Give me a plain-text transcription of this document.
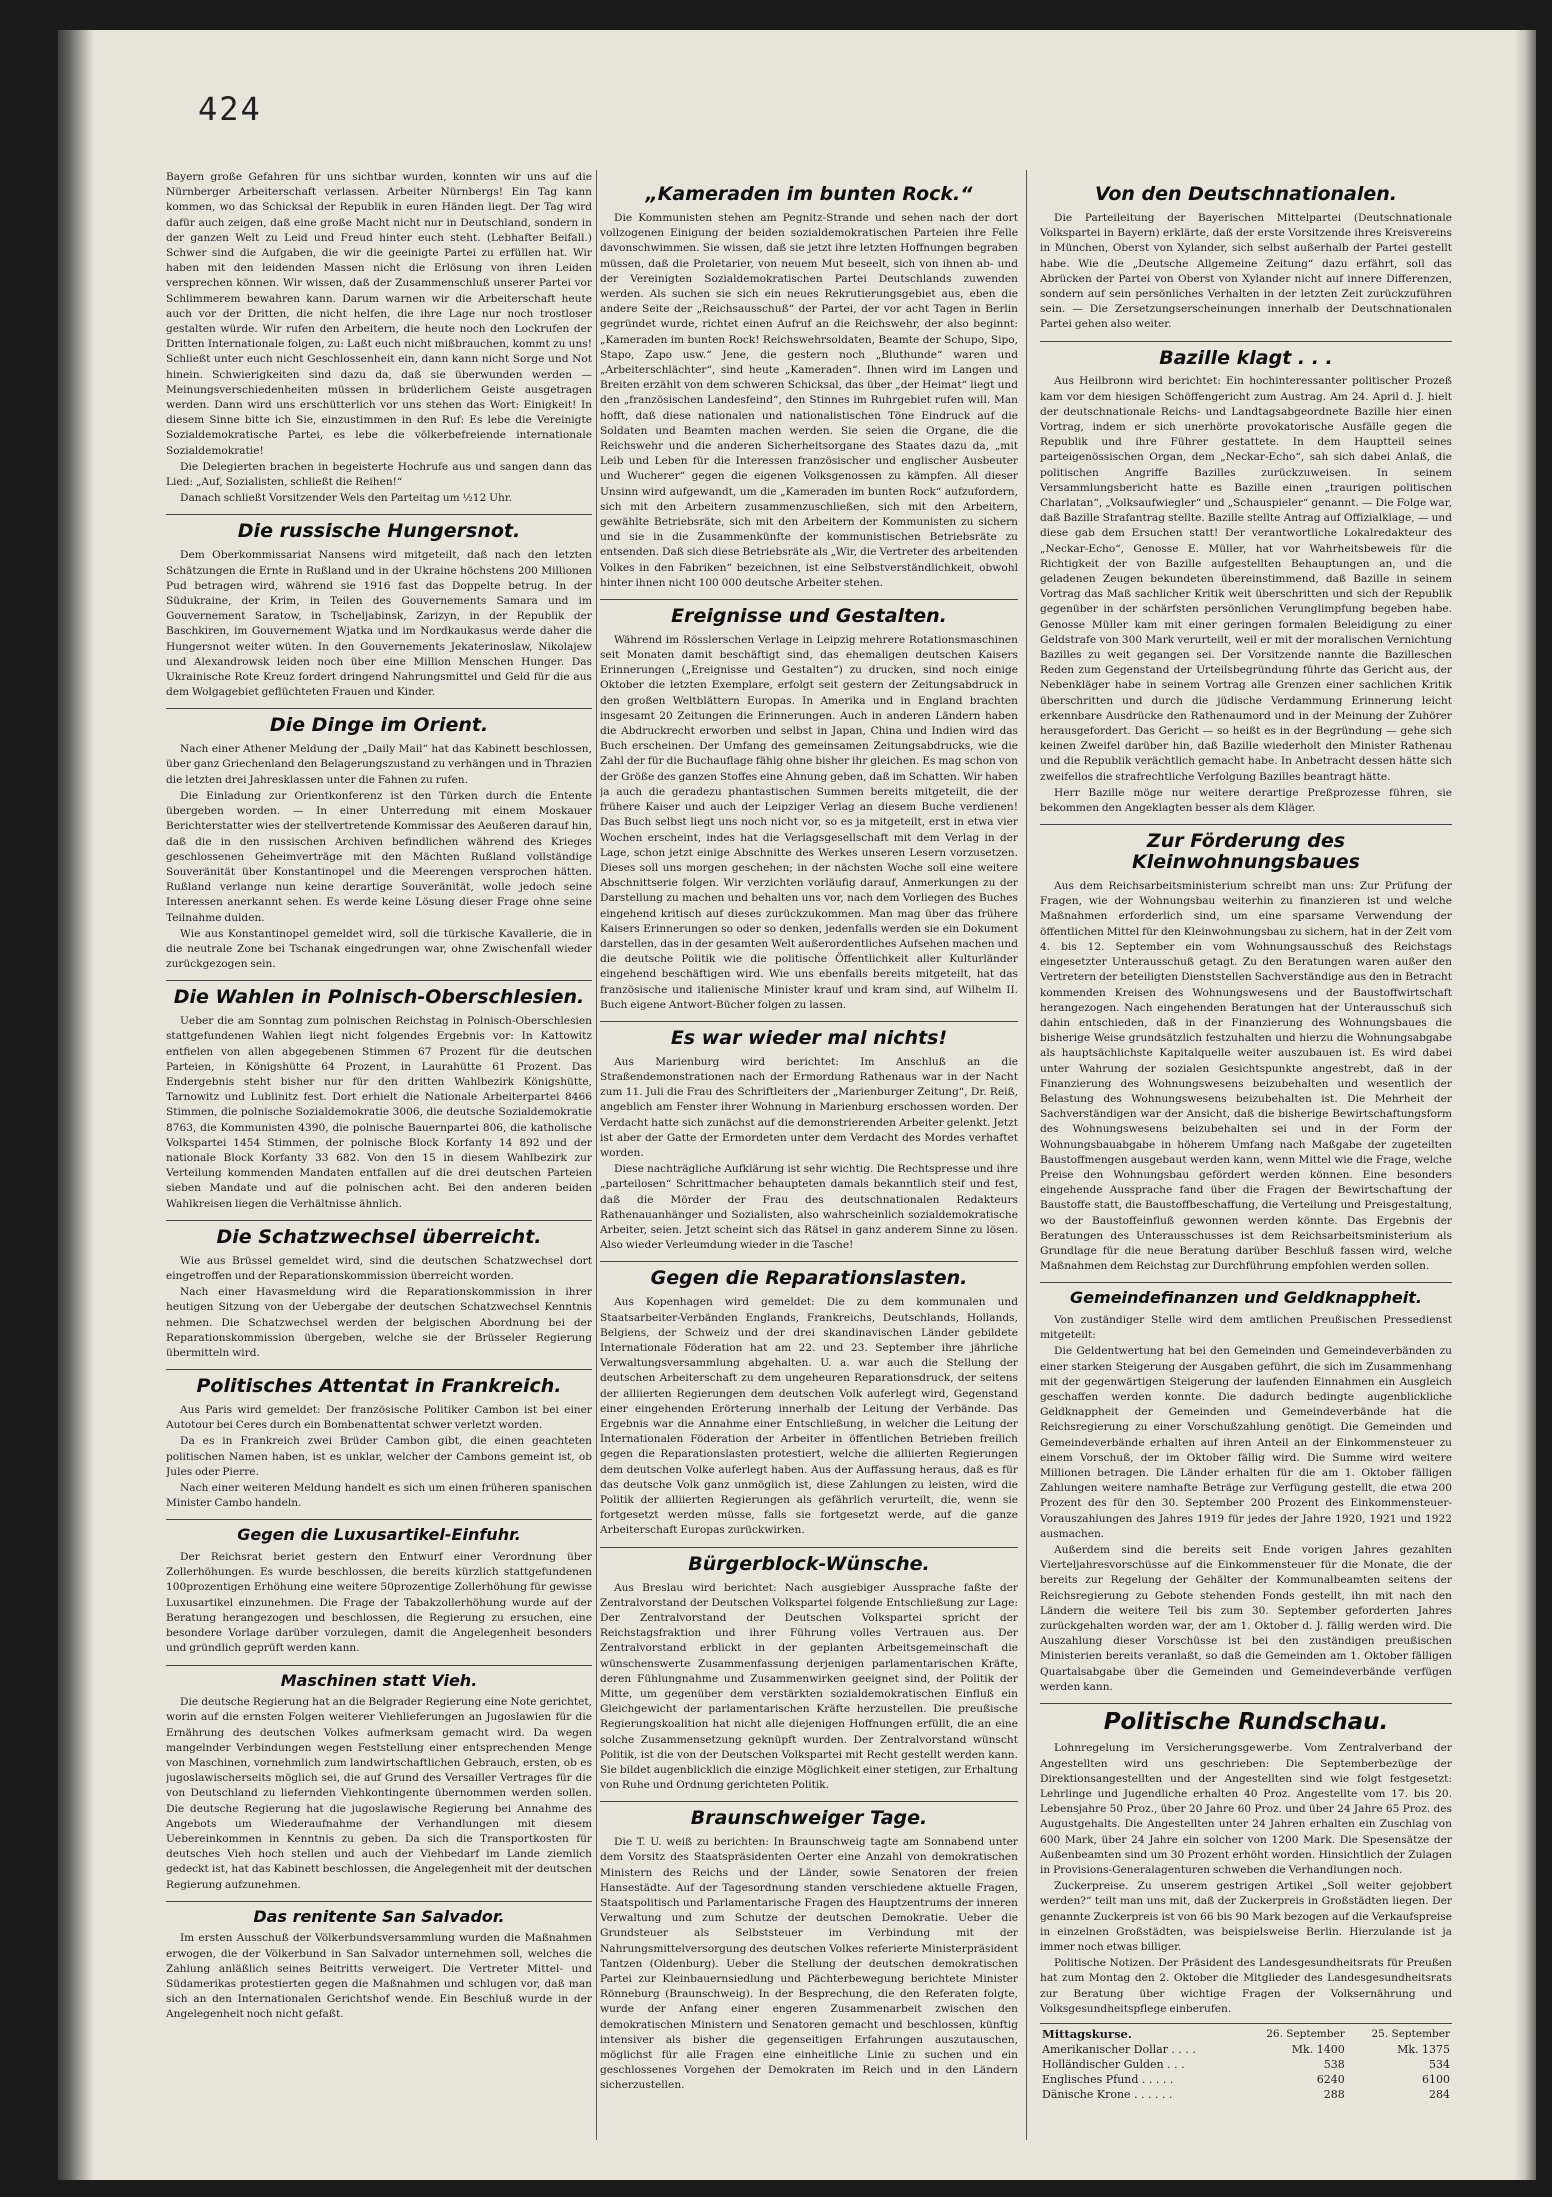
424

Bayern große Gefahren für uns sichtbar wurden, konnten wir uns auf die Nürnberger Arbeiterschaft verlassen. Arbeiter Nürnbergs! Ein Tag kann kommen, wo das Schicksal der Republik in euren Händen liegt. Der Tag wird dafür auch zeigen, daß eine große Macht nicht nur in Deutschland, sondern in der ganzen Welt zu Leid und Freud hinter euch steht. (Lebhafter Beifall.) Schwer sind die Aufgaben, die wir die geeinigte Partei zu erfüllen hat. Wir haben mit den leidenden Massen nicht die Erlösung von ihren Leiden versprechen können. Wir wissen, daß der Zusammenschluß unserer Partei vor Schlimmerem bewahren kann. Darum warnen wir die Arbeiterschaft heute auch vor der Dritten, die nicht helfen, die ihre Lage nur noch trostloser gestalten würde. Wir rufen den Arbeitern, die heute noch den Lockrufen der Dritten Internationale folgen, zu: Laßt euch nicht mißbrauchen, kommt zu uns! Schließt unter euch nicht Geschlossenheit ein, dann kann nicht Sorge und Not hinein. Schwierigkeiten sind dazu da, daß sie überwunden werden — Meinungsverschiedenheiten müssen in brüderlichem Geiste ausgetragen werden. Dann wird uns erschütterlich vor uns stehen das Wort: Einigkeit! In diesem Sinne bitte ich Sie, einzustimmen in den Ruf: Es lebe die Vereinigte Sozialdemokratische Partei, es lebe die völkerbefreiende internationale Sozialdemokratie!

Die Delegierten brachen in begeisterte Hochrufe aus und sangen dann das Lied: „Auf, Sozialisten, schließt die Reihen!“

Danach schließt Vorsitzender Wels den Parteitag um ½12 Uhr.

Die russische Hungersnot.

Dem Oberkommissariat Nansens wird mitgeteilt, daß nach den letzten Schätzungen die Ernte in Rußland und in der Ukraine höchstens 200 Millionen Pud betragen wird, während sie 1916 fast das Doppelte betrug. In der Südukraine, der Krim, in Teilen des Gouvernements Samara und im Gouvernement Saratow, in Tscheljabinsk, Zarizyn, in der Republik der Baschkiren, im Gouvernement Wjatka und im Nordkaukasus werde daher die Hungersnot weiter wüten. In den Gouvernements Jekaterinoslaw, Nikolajew und Alexandrowsk leiden noch über eine Million Menschen Hunger. Das Ukrainische Rote Kreuz fordert dringend Nahrungsmittel und Geld für die aus dem Wolgagebiet geflüchteten Frauen und Kinder.

Die Dinge im Orient.

Nach einer Athener Meldung der „Daily Mail“ hat das Kabinett beschlossen, über ganz Griechenland den Belagerungszustand zu verhängen und in Thrazien die letzten drei Jahresklassen unter die Fahnen zu rufen.

Die Einladung zur Orientkonferenz ist den Türken durch die Entente übergeben worden. — In einer Unterredung mit einem Moskauer Berichterstatter wies der stellvertretende Kommissar des Aeußeren darauf hin, daß die in den russischen Archiven befindlichen während des Krieges geschlossenen Geheimverträge mit den Mächten Rußland vollständige Souveränität über Konstantinopel und die Meerengen versprochen hätten. Rußland verlange nun keine derartige Souveränität, wolle jedoch seine Interessen anerkannt sehen. Es werde keine Lösung dieser Frage ohne seine Teilnahme dulden.

Wie aus Konstantinopel gemeldet wird, soll die türkische Kavallerie, die in die neutrale Zone bei Tschanak eingedrungen war, ohne Zwischenfall wieder zurückgezogen sein.

Die Wahlen in Polnisch-Oberschlesien.

Ueber die am Sonntag zum polnischen Reichstag in Polnisch-Oberschlesien stattgefundenen Wahlen liegt nicht folgendes Ergebnis vor: In Kattowitz entfielen von allen abgegebenen Stimmen 67 Prozent für die deutschen Parteien, in Königshütte 64 Prozent, in Laurahütte 61 Prozent. Das Endergebnis steht bisher nur für den dritten Wahlbezirk Königshütte, Tarnowitz und Lublinitz fest. Dort erhielt die Nationale Arbeiterpartei 8466 Stimmen, die polnische Sozialdemokratie 3006, die deutsche Sozialdemokratie 8763, die Kommunisten 4390, die polnische Bauernpartei 806, die katholische Volkspartei 1454 Stimmen, der polnische Block Korfanty 14 892 und der nationale Block Korfanty 33 682. Von den 15 in diesem Wahlbezirk zur Verteilung kommenden Mandaten entfallen auf die drei deutschen Parteien sieben Mandate und auf die polnischen acht. Bei den anderen beiden Wahlkreisen liegen die Verhältnisse ähnlich.

Die Schatzwechsel überreicht.

Wie aus Brüssel gemeldet wird, sind die deutschen Schatzwechsel dort eingetroffen und der Reparationskommission überreicht worden.

Nach einer Havasmeldung wird die Reparationskommission in ihrer heutigen Sitzung von der Uebergabe der deutschen Schatzwechsel Kenntnis nehmen. Die Schatzwechsel werden der belgischen Abordnung bei der Reparationskommission übergeben, welche sie der Brüsseler Regierung übermitteln wird.

Politisches Attentat in Frankreich.

Aus Paris wird gemeldet: Der französische Politiker Cambon ist bei einer Autotour bei Ceres durch ein Bombenattentat schwer verletzt worden.

Da es in Frankreich zwei Brüder Cambon gibt, die einen geachteten politischen Namen haben, ist es unklar, welcher der Cambons gemeint ist, ob Jules oder Pierre.

Nach einer weiteren Meldung handelt es sich um einen früheren spanischen Minister Cambo handeln.

Gegen die Luxusartikel-Einfuhr.

Der Reichsrat beriet gestern den Entwurf einer Verordnung über Zollerhöhungen. Es wurde beschlossen, die bereits kürzlich stattgefundenen 100prozentigen Erhöhung eine weitere 50prozentige Zollerhöhung für gewisse Luxusartikel einzunehmen. Die Frage der Tabakzollerhöhung wurde auf der Beratung herangezogen und beschlossen, die Regierung zu ersuchen, eine besondere Vorlage darüber vorzulegen, damit die Angelegenheit besonders und gründlich geprüft werden kann.

Maschinen statt Vieh.

Die deutsche Regierung hat an die Belgrader Regierung eine Note gerichtet, worin auf die ernsten Folgen weiterer Viehlieferungen an Jugoslawien für die Ernährung des deutschen Volkes aufmerksam gemacht wird. Da wegen mangelnder Verbindungen wegen Feststellung einer entsprechenden Menge von Maschinen, vornehmlich zum landwirtschaftlichen Gebrauch, ersten, ob es jugoslawischerseits möglich sei, die auf Grund des Versailler Vertrages für die von Deutschland zu liefernden Viehkontingente übernommen werden sollen. Die deutsche Regierung hat die jugoslawische Regierung bei Annahme des Angebots um Wiederaufnahme der Verhandlungen mit diesem Uebereinkommen in Kenntnis zu geben. Da sich die Transportkosten für deutsches Vieh hoch stellen und auch der Viehbedarf im Lande ziemlich gedeckt ist, hat das Kabinett beschlossen, die Angelegenheit mit der deutschen Regierung aufzunehmen.

Das renitente San Salvador.

Im ersten Ausschuß der Völkerbundsversammlung wurden die Maßnahmen erwogen, die der Völkerbund in San Salvador unternehmen soll, welches die Zahlung anläßlich seines Beitritts verweigert. Die Vertreter Mittel- und Südamerikas protestierten gegen die Maßnahmen und schlugen vor, daß man sich an den Internationalen Gerichtshof wende. Ein Beschluß wurde in der Angelegenheit noch nicht gefaßt.

„Kameraden im bunten Rock.“

Die Kommunisten stehen am Pegnitz-Strande und sehen nach der dort vollzogenen Einigung der beiden sozialdemokratischen Parteien ihre Felle davonschwimmen. Sie wissen, daß sie jetzt ihre letzten Hoffnungen begraben müssen, daß die Proletarier, von neuem Mut beseelt, sich von ihnen ab- und der Vereinigten Sozialdemokratischen Partei Deutschlands zuwenden werden. Als suchen sie sich ein neues Rekrutierungsgebiet aus, eben die andere Seite der „Reichsausschuß“ der Partei, der vor acht Tagen in Berlin gegründet wurde, richtet einen Aufruf an die Reichswehr, der also beginnt: „Kameraden im bunten Rock! Reichswehrsoldaten, Beamte der Schupo, Sipo, Stapo, Zapo usw.“ Jene, die gestern noch „Bluthunde“ waren und „Arbeiterschlächter“, sind heute „Kameraden“. Ihnen wird im Langen und Breiten erzählt von dem schweren Schicksal, das über „der Heimat“ liegt und den „französischen Landesfeind“, den Stinnes im Ruhrgebiet rufen will. Man hofft, daß diese nationalen und nationalistischen Töne Eindruck auf die Soldaten und Beamten machen werden. Sie seien die Organe, die die Reichswehr und die anderen Sicherheitsorgane des Staates dazu da, „mit Leib und Leben für die Interessen französischer und englischer Ausbeuter und Wucherer“ gegen die eigenen Volksgenossen zu kämpfen. All dieser Unsinn wird aufgewandt, um die „Kameraden im bunten Rock“ aufzufordern, sich mit den Arbeitern zusammenzuschließen, sich mit den Arbeitern, gewählte Betriebsräte, sich mit den Arbeitern der Kommunisten zu sichern und sie in die Zusammenkünfte der kommunistischen Betriebsräte zu entsenden. Daß sich diese Betriebsräte als „Wir, die Vertreter des arbeitenden Volkes in den Fabriken“ bezeichnen, ist eine Selbstverständlichkeit, obwohl hinter ihnen nicht 100 000 deutsche Arbeiter stehen.

Ereignisse und Gestalten.

Während im Rösslerschen Verlage in Leipzig mehrere Rotationsmaschinen seit Monaten damit beschäftigt sind, das ehemaligen deutschen Kaisers Erinnerungen („Ereignisse und Gestalten“) zu drucken, sind noch einige Oktober die letzten Exemplare, erfolgt seit gestern der Zeitungsabdruck in den großen Weltblättern Europas. In Amerika und in England brachten insgesamt 20 Zeitungen die Erinnerungen. Auch in anderen Ländern haben die Abdruckrecht erworben und selbst in Japan, China und Indien wird das Buch erscheinen. Der Umfang des gemeinsamen Zeitungsabdrucks, wie die Zahl der für die Buchauflage fähig ohne bisher ihr gleichen. Es mag schon von der Größe des ganzen Stoffes eine Ahnung geben, daß im Schatten. Wir haben ja auch die geradezu phantastischen Summen bereits mitgeteilt, die der frühere Kaiser und auch der Leipziger Verlag an diesem Buche verdienen! Das Buch selbst liegt uns noch nicht vor, so es ja mitgeteilt, erst in etwa vier Wochen erscheint, indes hat die Verlagsgesellschaft mit dem Verlag in der Lage, schon jetzt einige Abschnitte des Werkes unseren Lesern vorzusetzen. Dieses soll uns morgen geschehen; in der nächsten Woche soll eine weitere Abschnittserie folgen. Wir verzichten vorläufig darauf, Anmerkungen zu der Darstellung zu machen und behalten uns vor, nach dem Vorliegen des Buches eingehend kritisch auf dieses zurückzukommen. Man mag über das frühere Kaisers Erinnerungen so oder so denken, jedenfalls werden sie ein Dokument darstellen, das in der gesamten Welt außerordentliches Aufsehen machen und die deutsche Politik wie die politische Öffentlichkeit aller Kulturländer eingehend beschäftigen wird. Wie uns ebenfalls bereits mitgeteilt, hat das französische und italienische Minister krauf und kram sind, auf Wilhelm II. Buch eigene Antwort-Bücher folgen zu lassen.

Es war wieder mal nichts!

Aus Marienburg wird berichtet: Im Anschluß an die Straßendemonstrationen nach der Ermordung Rathenaus war in der Nacht zum 11. Juli die Frau des Schriftleiters der „Marienburger Zeitung“, Dr. Reiß, angeblich am Fenster ihrer Wohnung in Marienburg erschossen worden. Der Verdacht hatte sich zunächst auf die demonstrierenden Arbeiter gelenkt. Jetzt ist aber der Gatte der Ermordeten unter dem Verdacht des Mordes verhaftet worden.

Diese nachträgliche Aufklärung ist sehr wichtig. Die Rechtspresse und ihre „parteilosen“ Schrittmacher behaupteten damals bekanntlich steif und fest, daß die Mörder der Frau des deutschnationalen Redakteurs Rathenauanhänger und Sozialisten, also wahrscheinlich sozialdemokratische Arbeiter, seien. Jetzt scheint sich das Rätsel in ganz anderem Sinne zu lösen. Also wieder Verleumdung wieder in die Tasche!

Gegen die Reparationslasten.

Aus Kopenhagen wird gemeldet: Die zu dem kommunalen und Staatsarbeiter-Verbänden Englands, Frankreichs, Deutschlands, Hollands, Belgiens, der Schweiz und der drei skandinavischen Länder gebildete Internationale Föderation hat am 22. und 23. September ihre jährliche Verwaltungsversammlung abgehalten. U. a. war auch die Stellung der deutschen Arbeiterschaft zu dem ungeheuren Reparationsdruck, der seitens der alliierten Regierungen dem deutschen Volk auferlegt wird, Gegenstand einer eingehenden Erörterung innerhalb der Leitung der Verbände. Das Ergebnis war die Annahme einer Entschließung, in welcher die Leitung der Internationalen Föderation der Arbeiter in öffentlichen Betrieben freilich gegen die Reparationslasten protestiert, welche die alliierten Regierungen dem deutschen Volke auferlegt haben. Aus der Auffassung heraus, daß es für das deutsche Volk ganz unmöglich ist, diese Zahlungen zu leisten, wird die Politik der alliierten Regierungen als gefährlich verurteilt, die, wenn sie fortgesetzt werden müsse, falls sie fortgesetzt werde, auf die ganze Arbeiterschaft Europas zurückwirken.

Bürgerblock-Wünsche.

Aus Breslau wird berichtet: Nach ausgiebiger Aussprache faßte der Zentralvorstand der Deutschen Volkspartei folgende Entschließung zur Lage: Der Zentralvorstand der Deutschen Volkspartei spricht der Reichstagsfraktion und ihrer Führung volles Vertrauen aus. Der Zentralvorstand erblickt in der geplanten Arbeitsgemeinschaft die wünschenswerte Zusammenfassung derjenigen parlamentarischen Kräfte, deren Fühlungnahme und Zusammenwirken geeignet sind, der Politik der Mitte, um gegenüber dem verstärkten sozialdemokratischen Einfluß ein Gleichgewicht der parlamentarischen Kräfte herzustellen. Die preußische Regierungskoalition hat nicht alle diejenigen Hoffnungen erfüllt, die an eine solche Zusammensetzung geknüpft wurden. Der Zentralvorstand wünscht Politik, ist die von der Deutschen Volkspartei mit Recht gestellt werden kann. Sie bildet augenblicklich die einzige Möglichkeit einer stetigen, zur Erhaltung von Ruhe und Ordnung gerichteten Politik.

Braunschweiger Tage.

Die T. U. weiß zu berichten: In Braunschweig tagte am Sonnabend unter dem Vorsitz des Staatspräsidenten Oerter eine Anzahl von demokratischen Ministern des Reichs und der Länder, sowie Senatoren der freien Hansestädte. Auf der Tagesordnung standen verschiedene aktuelle Fragen, Staatspolitisch und Parlamentarische Fragen des Hauptzentrums der inneren Verwaltung und zum Schutze der deutschen Demokratie. Ueber die Grundsteuer als Selbststeuer im Verbindung mit der Nahrungsmittelversorgung des deutschen Volkes referierte Ministerpräsident Tantzen (Oldenburg). Ueber die Stellung der deutschen demokratischen Partei zur Kleinbauernsiedlung und Pächterbewegung berichtete Minister Rönneburg (Braunschweig). In der Besprechung, die den Referaten folgte, wurde der Anfang einer engeren Zusammenarbeit zwischen den demokratischen Ministern und Senatoren gemacht und beschlossen, künftig intensiver als bisher die gegenseitigen Erfahrungen auszutauschen, möglichst für alle Fragen eine einheitliche Linie zu suchen und ein geschlossenes Vorgehen der Demokraten im Reich und in den Ländern sicherzustellen.

Von den Deutschnationalen.

Die Parteileitung der Bayerischen Mittelpartei (Deutschnationale Volkspartei in Bayern) erklärte, daß der erste Vorsitzende ihres Kreisvereins in München, Oberst von Xylander, sich selbst außerhalb der Partei gestellt habe. Wie die „Deutsche Allgemeine Zeitung“ dazu erfährt, soll das Abrücken der Partei von Oberst von Xylander nicht auf innere Differenzen, sondern auf sein persönliches Verhalten in der letzten Zeit zurückzuführen sein. — Die Zersetzungserscheinungen innerhalb der Deutschnationalen Partei gehen also weiter.

Bazille klagt . . .

Aus Heilbronn wird berichtet: Ein hochinteressanter politischer Prozeß kam vor dem hiesigen Schöffengericht zum Austrag. Am 24. April d. J. hielt der deutschnationale Reichs- und Landtagsabgeordnete Bazille hier einen Vortrag, indem er sich unerhörte provokatorische Ausfälle gegen die Republik und ihre Führer gestattete. In dem Hauptteil seines parteigenössischen Organ, dem „Neckar-Echo“, sah sich dabei Anlaß, die politischen Angriffe Bazilles zurückzuweisen. In seinem Versammlungsbericht hatte es Bazille einen „traurigen politischen Charlatan“, „Volksaufwiegler“ und „Schauspieler“ genannt. — Die Folge war, daß Bazille Strafantrag stellte. Bazille stellte Antrag auf Offizialklage, — und diese gab dem Ersuchen statt! Der verantwortliche Lokalredakteur des „Neckar-Echo“, Genosse E. Müller, hat vor Wahrheitsbeweis für die Richtigkeit der von Bazille aufgestellten Behauptungen an, und die geladenen Zeugen bekundeten übereinstimmend, daß Bazille in seinem Vortrag das Maß sachlicher Kritik weit überschritten und sich der Republik gegenüber in der schärfsten persönlichen Verunglimpfung begeben habe. Genosse Müller kam mit einer geringen formalen Beleidigung zu einer Geldstrafe von 300 Mark verurteilt, weil er mit der moralischen Vernichtung Bazilles zu weit gegangen sei. Der Vorsitzende nannte die Bazilleschen Reden zum Gegenstand der Urteilsbegründung führte das Gericht aus, der Nebenkläger habe in seinem Vortrag alle Grenzen einer sachlichen Kritik überschritten und durch die jüdische Verdammung Erinnerung leicht erkennbare Ausdrücke den Rathenaumord und in der Meinung der Zuhörer herausgefordert. Das Gericht — so heißt es in der Begründung — gehe sich keinen Zweifel darüber hin, daß Bazille wiederholt den Minister Rathenau und die Republik verächtlich gemacht habe. In Anbetracht dessen hätte sich zweifellos die strafrechtliche Verfolgung Bazilles beantragt hätte.

Herr Bazille möge nur weitere derartige Preßprozesse führen, sie bekommen den Angeklagten besser als dem Kläger.

Zur Förderung des Kleinwohnungsbaues

Aus dem Reichsarbeitsministerium schreibt man uns: Zur Prüfung der Fragen, wie der Wohnungsbau weiterhin zu finanzieren ist und welche Maßnahmen erforderlich sind, um eine sparsame Verwendung der öffentlichen Mittel für den Kleinwohnungsbau zu sichern, hat in der Zeit vom 4. bis 12. September ein vom Wohnungsausschuß des Reichstags eingesetzter Unterausschuß getagt. Zu den Beratungen waren außer den Vertretern der beteiligten Dienststellen Sachverständige aus den in Betracht kommenden Kreisen des Wohnungswesens und der Baustoffwirtschaft herangezogen. Nach eingehenden Beratungen hat der Unterausschuß sich dahin entschieden, daß in der Finanzierung des Wohnungsbaues die bisherige Weise grundsätzlich festzuhalten und hierzu die Wohnungsabgabe als hauptsächlichste Kapitalquelle weiter auszubauen ist. Es wird dabei unter Wahrung der sozialen Gesichtspunkte angestrebt, daß in der Finanzierung des Wohnungswesens beizubehalten und wesentlich der Belastung des Wohnungswesens beizubehalten ist. Die Mehrheit der Sachverständigen war der Ansicht, daß die bisherige Bewirtschaftungsform des Wohnungswesens beizubehalten sei und in der Form der Wohnungsbauabgabe in höherem Umfang nach Maßgabe der zugeteilten Baustoffmengen ausgebaut werden kann, wenn Mittel wie die Frage, welche Preise den Wohnungsbau gefördert werden können. Eine besonders eingehende Aussprache fand über die Fragen der Bewirtschaftung der Baustoffe statt, die Baustoffbeschaffung, die Verteilung und Preisgestaltung, wo der Baustoffeinfluß gewonnen werden könnte. Das Ergebnis der Beratungen des Unterausschusses ist dem Reichsarbeitsministerium als Grundlage für die neue Beratung darüber Beschluß fassen wird, welche Maßnahmen dem Reichstag zur Durchführung empfohlen werden sollen.

Gemeindefinanzen und Geldknappheit.

Von zuständiger Stelle wird dem amtlichen Preußischen Pressedienst mitgeteilt:

Die Geldentwertung hat bei den Gemeinden und Gemeindeverbänden zu einer starken Steigerung der Ausgaben geführt, die sich im Zusammenhang mit der gegenwärtigen Steigerung der laufenden Einnahmen ein Ausgleich geschaffen werden konnte. Die dadurch bedingte augenblickliche Geldknappheit der Gemeinden und Gemeindeverbände hat die Reichsregierung zu einer Vorschußzahlung genötigt. Die Gemeinden und Gemeindeverbände erhalten auf ihren Anteil an der Einkommensteuer zu einem Vorschuß, der im Oktober fällig wird. Die Summe wird weitere Millionen betragen. Die Länder erhalten für die am 1. Oktober fälligen Zahlungen weitere namhafte Beträge zur Verfügung gestellt, die etwa 200 Prozent des für den 30. September 200 Prozent des Einkommensteuer-Vorauszahlungen des Jahres 1919 für jedes der Jahre 1920, 1921 und 1922 ausmachen.

Außerdem sind die bereits seit Ende vorigen Jahres gezahlten Vierteljahresvorschüsse auf die Einkommensteuer für die Monate, die der bereits zur Regelung der Gehälter der Kommunalbeamten seitens der Reichsregierung zu Gebote stehenden Fonds gestellt, ihn mit nach den Ländern die weitere Teil bis zum 30. September geforderten Jahres zurückgehalten worden war, der am 1. Oktober d. J. fällig werden wird. Die Auszahlung dieser Vorschüsse ist bei den zuständigen preußischen Ministerien bereits veranlaßt, so daß die Gemeinden am 1. Oktober fälligen Quartalsabgabe über die Gemeinden und Gemeindeverbände verfügen werden kann.

Politische Rundschau.

Lohnregelung im Versicherungsgewerbe. Vom Zentralverband der Angestellten wird uns geschrieben: Die Septemberbezüge der Direktionsangestellten und der Angestellten sind wie folgt festgesetzt: Lehrlinge und Jugendliche erhalten 40 Proz. Angestellte vom 17. bis 20. Lebensjahre 50 Proz., über 20 Jahre 60 Proz. und über 24 Jahre 65 Proz. des Augustgehalts. Die Angestellten unter 24 Jahren erhalten ein Zuschlag von 600 Mark, über 24 Jahre ein solcher von 1200 Mark. Die Spesensätze der Außenbeamten sind um 30 Prozent erhöht worden. Hinsichtlich der Zulagen in Provisions-Generalagenturen schweben die Verhandlungen noch.

Zuckerpreise. Zu unserem gestrigen Artikel „Soll weiter gejobbert werden?“ teilt man uns mit, daß der Zuckerpreis in Großstädten liegen. Der genannte Zuckerpreis ist von 66 bis 90 Mark bezogen auf die Verkaufspreise in einzelnen Großstädten, was beispielsweise Berlin. Hierzulande ist ja immer noch etwas billiger.

Politische Notizen. Der Präsident des Landesgesundheitsrats für Preußen hat zum Montag den 2. Oktober die Mitglieder des Landesgesundheitsrats zur Beratung über wichtige Fragen der Volksernährung und Volksgesundheitspflege einberufen.

Mittagskurse.	26. September	25. September
Amerikanischer Dollar . . . .	Mk. 1400	Mk. 1375
Holländischer Gulden . . .	538	534
Englisches Pfund . . . . .	6240	6100
Dänische Krone . . . . . .	288	284
